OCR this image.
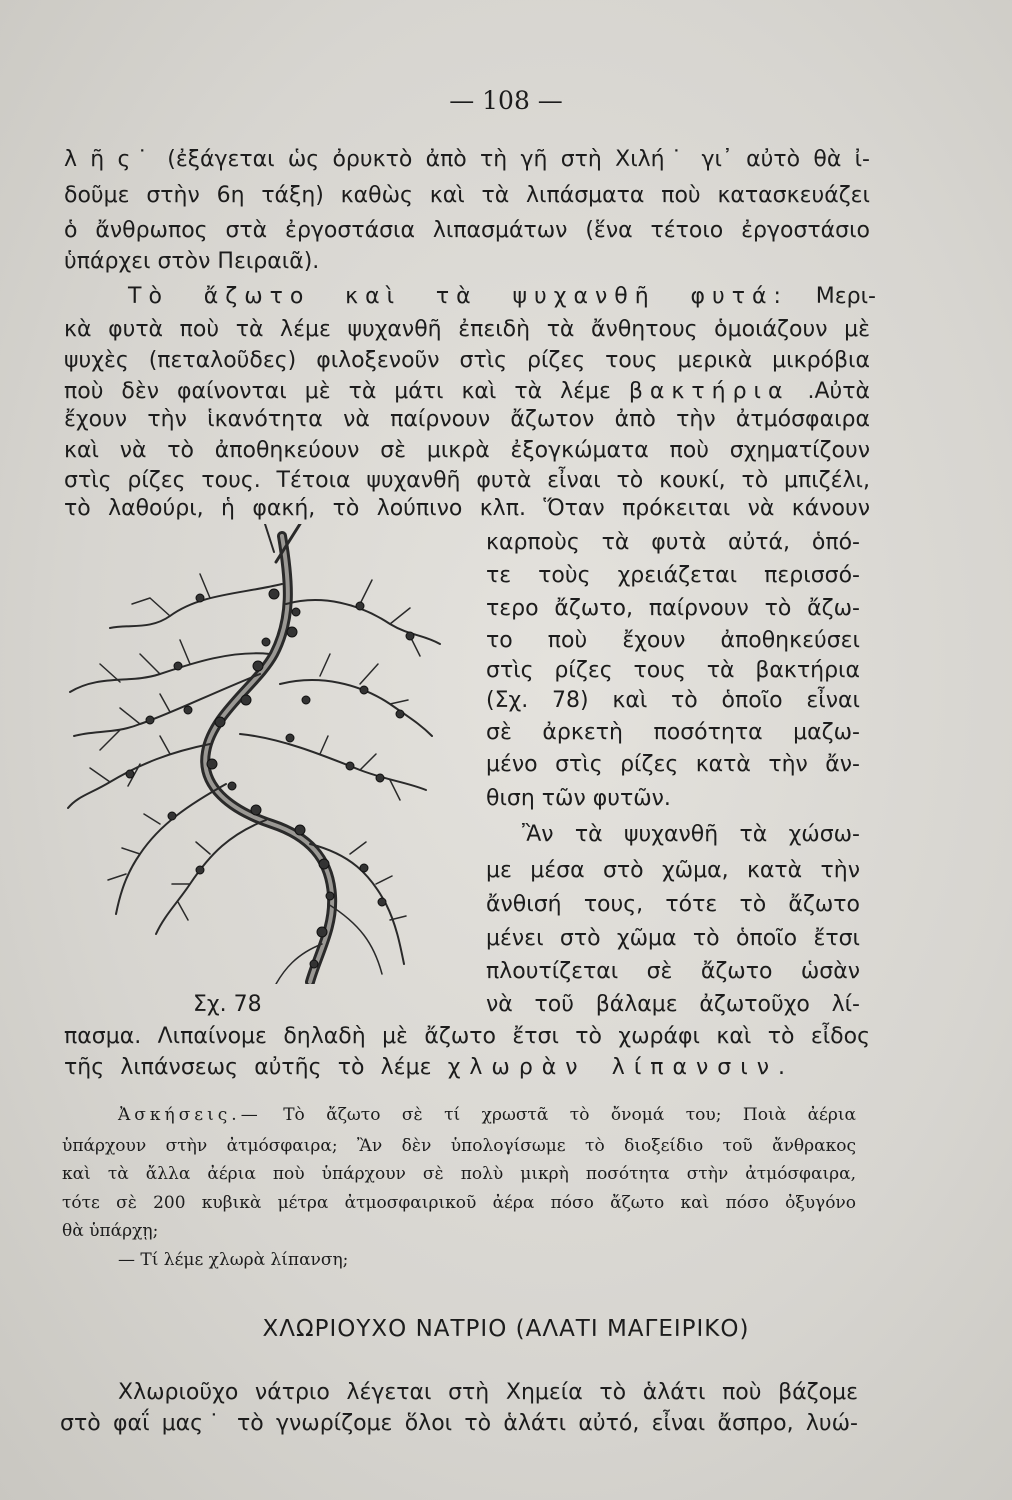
— 108 —
λ ῆ ς˙ (ἐξάγεται ὡς ὀρυκτὸ ἀπὸ τὴ γῆ στὴ Χιλή˙ γι᾿ αὐτὸ θὰ ἰ-
δοῦμε στὴν 6η τάξη) καθὼς καὶ τὰ λιπάσματα ποὺ κατασκευάζει
ὁ ἄνθρωπος στὰ ἐργοστάσια λιπασμάτων (ἕνα τέτοιο ἐργοστάσιο
ὑπάρχει στὸν Πειραιᾶ).
Τὸ ἄζωτο καὶ τὰ ψυχανθῆ φυτά: Μερι-
κὰ φυτὰ ποὺ τὰ λέμε ψυχανθῆ ἐπειδὴ τὰ ἄνθητους ὁμοιάζουν μὲ
ψυχὲς (πεταλοῦδες) φιλοξενοῦν στὶς ρίζες τους μερικὰ μικρόβια
ποὺ δὲν φαίνονται μὲ τὰ μάτι καὶ τὰ λέμε βακτήρια .Αὐτὰ
ἔχουν τὴν ἱκανότητα νὰ παίρνουν ἄζωτον ἀπὸ τὴν ἀτμόσφαιρα
καὶ νὰ τὸ ἀποθηκεύουν σὲ μικρὰ ἐξογκώματα ποὺ σχηματίζουν
στὶς ρίζες τους. Τέτοια ψυχανθῆ φυτὰ εἶναι τὸ κουκί, τὸ μπιζέλι,
τὸ λαθούρι, ἡ φακή, τὸ λούπινο κλπ. Ὅταν πρόκειται νὰ κάνουν
καρποὺς τὰ φυτὰ αὐτά, ὁπό-
τε τοὺς χρειάζεται περισσό-
τερο ἄζωτο, παίρνουν τὸ ἄζω-
το ποὺ ἔχουν ἀποθηκεύσει
στὶς ρίζες τους τὰ βακτήρια
(Σχ. 78) καὶ τὸ ὁποῖο εἶναι
σὲ ἀρκετὴ ποσότητα μαζω-
μένο στὶς ρίζες κατὰ τὴν ἄν-
θιση τῶν φυτῶν.
Ἂν τὰ ψυχανθῆ τὰ χώσω-
με μέσα στὸ χῶμα, κατὰ τὴν
ἄνθισή τους, τότε τὸ ἄζωτο
μένει στὸ χῶμα τὸ ὁποῖο ἔτσι
πλουτίζεται σὲ ἄζωτο ὡσὰν
νὰ τοῦ βάλαμε ἀζωτοῦχο λί-
Σχ. 78
πασμα. Λιπαίνομε δηλαδὴ μὲ ἄζωτο ἔτσι τὸ χωράφι καὶ τὸ εἶδος
τῆς λιπάνσεως αὐτῆς τὸ λέμε χλωρὰν λίπανσιν.
Ἀσκήσεις.— Τὸ ἄζωτο σὲ τί χρωστᾶ τὸ ὄνομά του; Ποιὰ ἀέρια
ὑπάρχουν στὴν ἀτμόσφαιρα; Ἂν δὲν ὑπολογίσωμε τὸ διοξείδιο τοῦ ἄνθρακος
καὶ τὰ ἄλλα ἀέρια ποὺ ὑπάρχουν σὲ πολὺ μικρὴ ποσότητα στὴν ἀτμόσφαιρα,
τότε σὲ 200 κυβικὰ μέτρα ἀτμοσφαιρικοῦ ἀέρα πόσο ἄζωτο καὶ πόσο ὀξυγόνο
θὰ ὑπάρχῃ;
— Τί λέμε χλωρὰ λίπανση;
ΧΛΩΡΙΟΥΧΟ ΝΑΤΡΙΟ (ΑΛΑΤΙ ΜΑΓΕΙΡΙΚΟ)
Χλωριοῦχο νάτριο λέγεται στὴ Χημεία τὸ ἁλάτι ποὺ βάζομε
στὸ φαΐ μας˙ τὸ γνωρίζομε ὅλοι τὸ ἁλάτι αὐτό, εἶναι ἄσπρο, λυώ-
